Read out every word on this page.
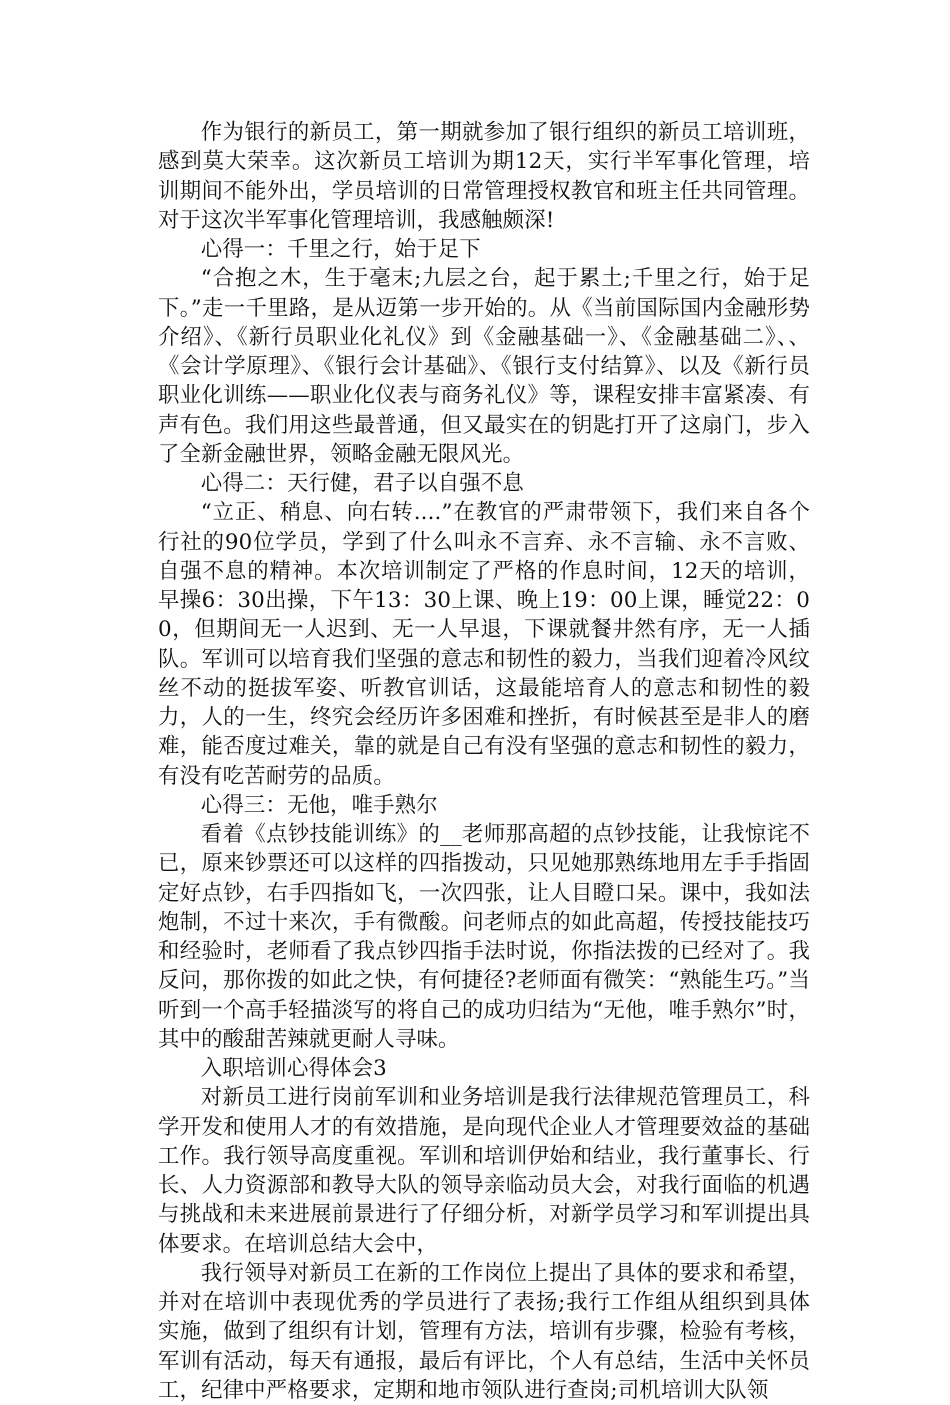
作为银行的新员工，第一期就参加了银行组织的新员工培训班，感到莫大荣幸。这次新员工培训为期12天，实行半军事化管理，培训期间不能外出，学员培训的日常管理授权教官和班主任共同管理。对于这次半军事化管理培训，我感触颇深!

心得一：千里之行，始于足下

“合抱之木，生于毫末;九层之台，起于累土;千里之行，始于足下。”走一千里路，是从迈第一步开始的。从《当前国际国内金融形势介绍》、《新行员职业化礼仪》到《金融基础一》、《金融基础二》、、《会计学原理》、《银行会计基础》、《银行支付结算》、以及《新行员职业化训练——职业化仪表与商务礼仪》等，课程安排丰富紧凑、有声有色。我们用这些最普通，但又最实在的钥匙打开了这扇门，步入了全新金融世界，领略金融无限风光。

心得二：天行健，君子以自强不息

“立正、稍息、向右转....”在教官的严肃带领下，我们来自各个行社的90位学员，学到了什么叫永不言弃、永不言输、永不言败、自强不息的精神。本次培训制定了严格的作息时间，12天的培训，早操6：30出操，下午13：30上课、晚上19：00上课，睡觉22：00，但期间无一人迟到、无一人早退，下课就餐井然有序，无一人插队。军训可以培育我们坚强的意志和韧性的毅力，当我们迎着冷风纹丝不动的挺拔军姿、听教官训话，这最能培育人的意志和韧性的毅力，人的一生，终究会经历许多困难和挫折，有时候甚至是非人的磨难，能否度过难关，靠的就是自己有没有坚强的意志和韧性的毅力，有没有吃苦耐劳的品质。

心得三：无他，唯手熟尔

看着《点钞技能训练》的__老师那高超的点钞技能，让我惊诧不已，原来钞票还可以这样的四指拨动，只见她那熟练地用左手手指固定好点钞，右手四指如飞，一次四张，让人目瞪口呆。课中，我如法炮制，不过十来次，手有微酸。问老师点的如此高超，传授技能技巧和经验时，老师看了我点钞四指手法时说，你指法拨的已经对了。我反问，那你拨的如此之快，有何捷径?老师面有微笑：“熟能生巧。”当听到一个高手轻描淡写的将自己的成功归结为“无他，唯手熟尔”时，其中的酸甜苦辣就更耐人寻味。

入职培训心得体会3

对新员工进行岗前军训和业务培训是我行法律规范管理员工，科学开发和使用人才的有效措施，是向现代企业人才管理要效益的基础工作。我行领导高度重视。军训和培训伊始和结业，我行董事长、行长、人力资源部和教导大队的领导亲临动员大会，对我行面临的机遇与挑战和未来进展前景进行了仔细分析，对新学员学习和军训提出具体要求。在培训总结大会中，

我行领导对新员工在新的工作岗位上提出了具体的要求和希望，并对在培训中表现优秀的学员进行了表扬;我行工作组从组织到具体实施，做到了组织有计划，管理有方法，培训有步骤，检验有考核，军训有活动，每天有通报，最后有评比，个人有总结，生活中关怀员工，纪律中严格要求，定期和地市领队进行查岗;司机培训大队领
